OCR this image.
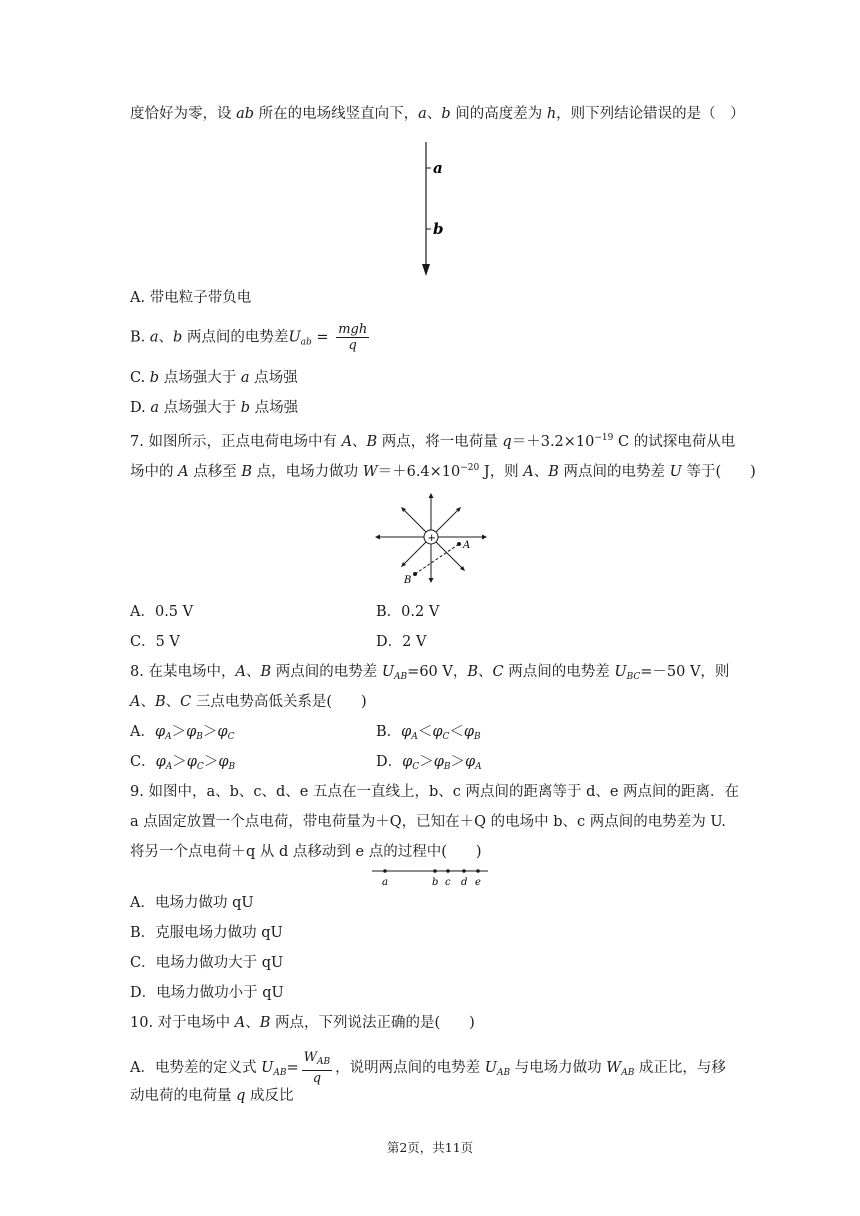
度恰好为零，设 ab 所在的电场线竖直向下，a、b 间的高度差为 h，则下列结论错误的是（　）
a
b
A. 带电粒子带负电
B. a、b 两点间的电势差$U_{ab} = \frac{\text{mgh}}{q}$
C. b 点场强大于 a 点场强
D. a 点场强大于 b 点场强
7. 如图所示，正点电荷电场中有 A、B 两点，将一电荷量 $q=+3.2\times 10^{-19}$ C 的试探电荷从电
场中的 A 点移至 B 点，电场力做功 $W=+6.4\times 10^{-20}$ J，则 A、B 两点间的电势差 U 等于(　　)
+
A
B
A．0.5 V	B．0.2 V
C．5 V	D．2 V
8. 在某电场中，A、B 两点间的电势差 $U_{AB}=60$ V，B、C 两点间的电势差 $U_{BC}=-50$ V，则
A、B、C 三点电势高低关系是(　　)
A．$\varphi_A>\varphi_B>\varphi_C$	B．$\varphi_A<\varphi_C<\varphi_B$
C．$\varphi_A>\varphi_C>\varphi_B$	D．$\varphi_C>\varphi_B>\varphi_A$
9. 如图中，a、b、c、d、e 五点在一直线上，b、c 两点间的距离等于 d、e 两点间的距离．在
a 点固定放置一个点电荷，带电荷量为＋Q，已知在＋Q 的电场中 b、c 两点间的电势差为 U.
将另一个点电荷＋q 从 d 点移动到 e 点的过程中(　　)
a	b c d e
A．电场力做功 qU
B．克服电场力做功 qU
C．电场力做功大于 qU
D．电场力做功小于 qU
10. 对于电场中 A、B 两点，下列说法正确的是(　　)
A．电势差的定义式 $U_{AB}= \frac{W_{AB}}{q}$ ，说明两点间的电势差 $U_{AB}$ 与电场力做功 $W_{AB}$ 成正比，与移
动电荷的电荷量 q 成反比
第2页，共11页
